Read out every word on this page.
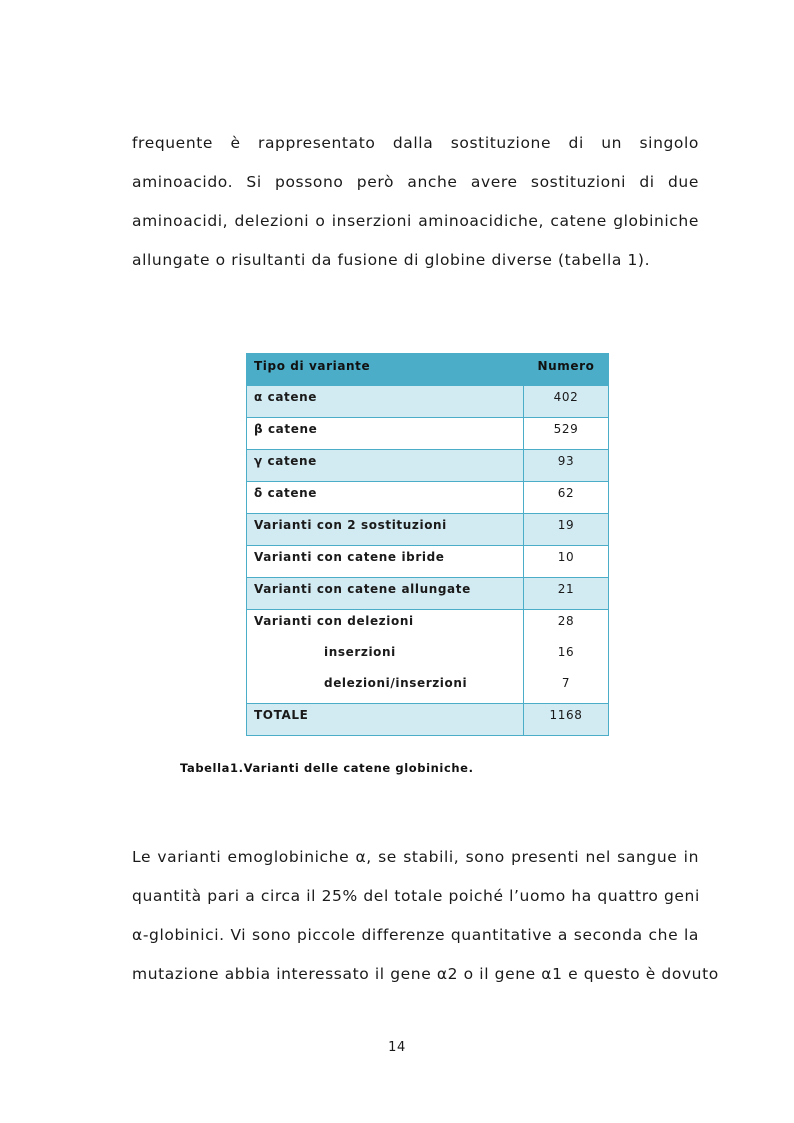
frequente è rappresentato dalla sostituzione di un singolo
aminoacido. Si possono però anche avere sostituzioni di due
aminoacidi, delezioni o inserzioni aminoacidiche, catene globiniche
allungate o risultanti da fusione di globine diverse (tabella 1).
Tipo di variante	Numero
α catene	402
β catene	529
γ catene	93
δ catene	62
Varianti con 2 sostituzioni	19
Varianti con catene ibride	10
Varianti con catene allungate	21
Varianti con delezioni	28
inserzioni	16
delezioni/inserzioni	7
TOTALE	1168
Tabella1.Varianti delle catene globiniche.
Le varianti emoglobiniche α, se stabili, sono presenti nel sangue in
quantità pari a circa il 25% del totale poiché l’uomo ha quattro geni
α-globinici. Vi sono piccole differenze quantitative a seconda che la
mutazione abbia interessato il gene α2 o il gene α1 e questo è dovuto
14
